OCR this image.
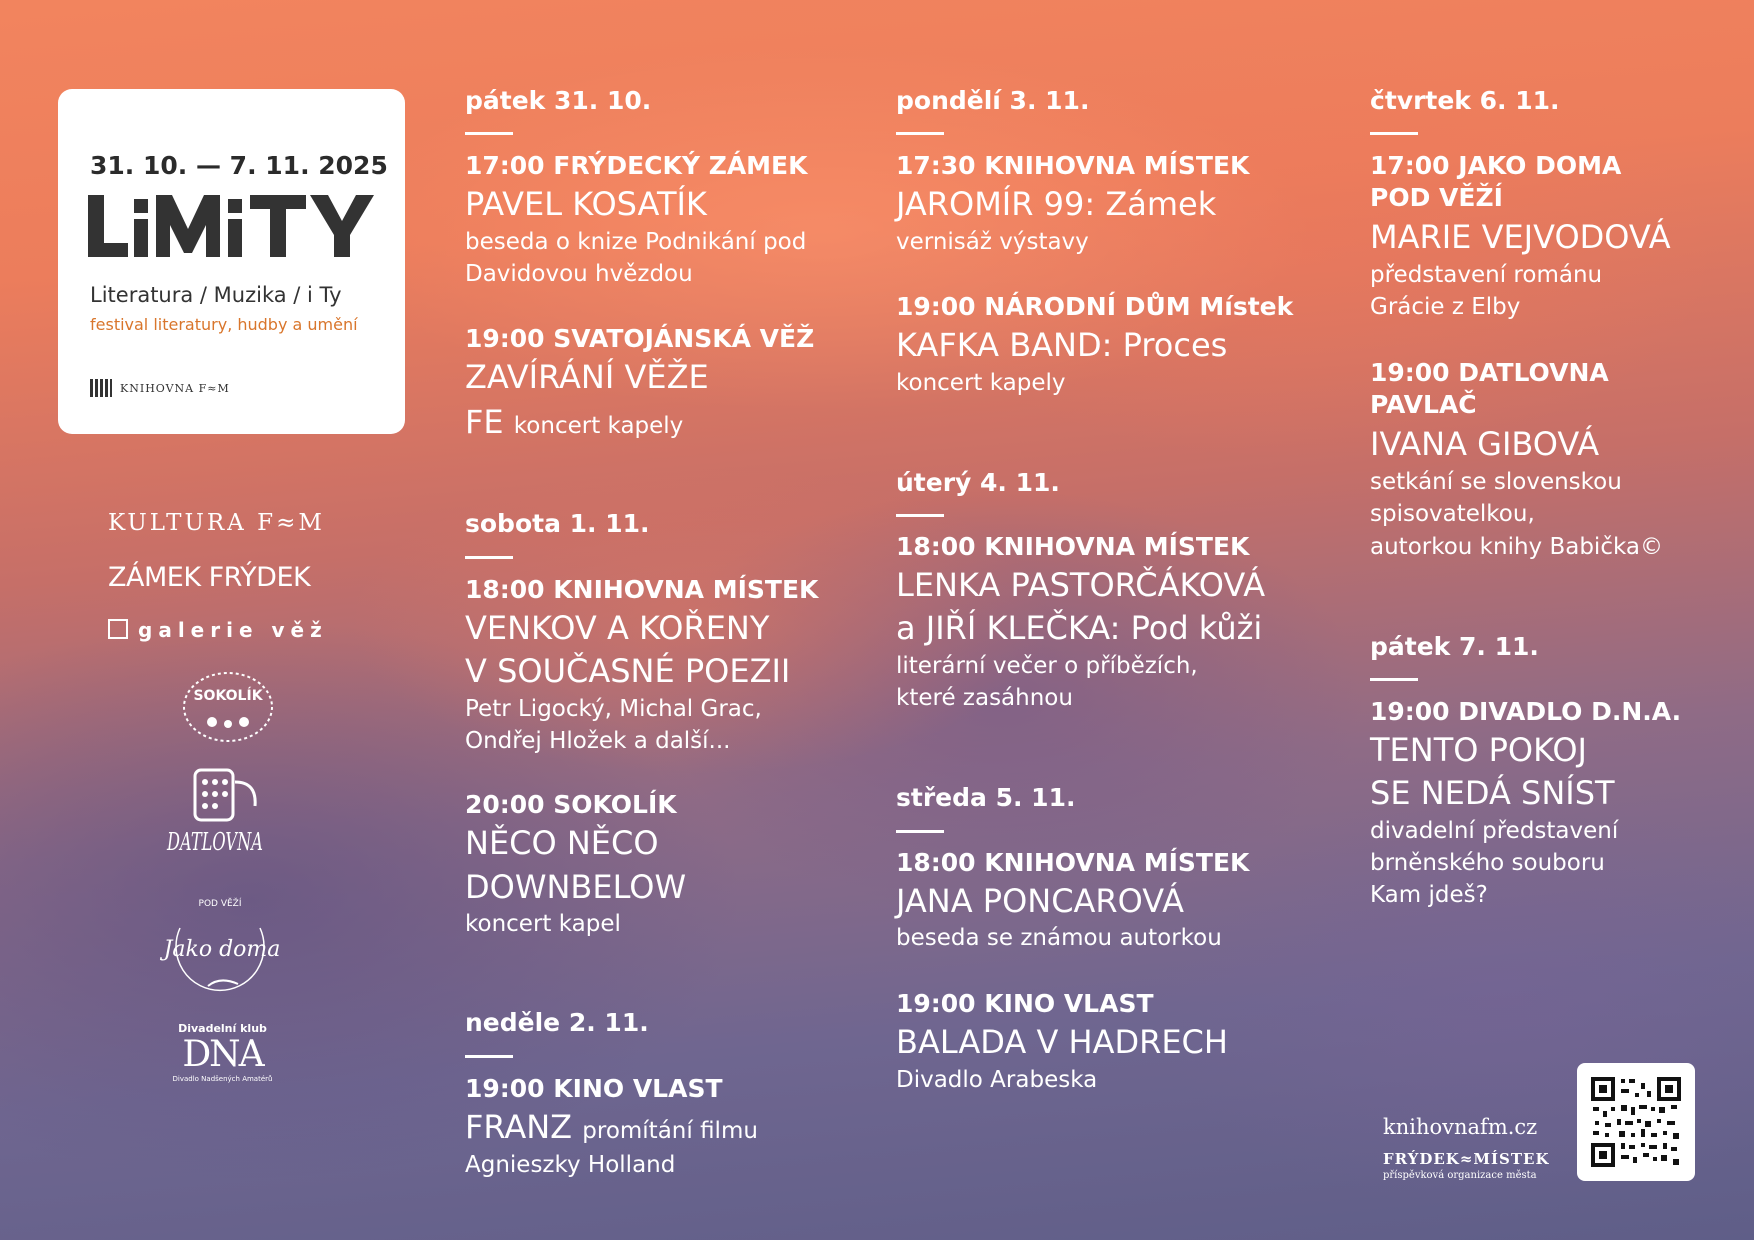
31. 10. — 7. 11. 2025
Literatura / Muzika / i Ty
festival literatury, hudby a umění
KNIHOVNA F≈M
KULTURA F≈M
ZÁMEK FRÝDEK
galerie věž
SOKOLÍK
DATLOVNA
POD VĚŽÍ
Jako doma
Divadelní klub
DNA
Divadlo Nadšených Amatérů
pátek 31. 10.
17:00 FRÝDECKÝ ZÁMEK
PAVEL KOSATÍK
beseda o knize Podnikání pod
Davidovou hvězdou
19:00 SVATOJÁNSKÁ VĚŽ
ZAVÍRÁNÍ VĚŽE
FE koncert kapely
sobota 1. 11.
18:00 KNIHOVNA MÍSTEK
VENKOV A KOŘENY
V SOUČASNÉ POEZII
Petr Ligocký, Michal Grac,
Ondřej Hložek a další...
20:00 SOKOLÍK
NĚCO NĚCO
DOWNBELOW
koncert kapel
neděle 2. 11.
19:00 KINO VLAST
FRANZ promítání filmu
Agnieszky Holland
pondělí 3. 11.
17:30 KNIHOVNA MÍSTEK
JAROMÍR 99: Zámek
vernisáž výstavy
19:00 NÁRODNÍ DŮM Místek
KAFKA BAND: Proces
koncert kapely
úterý 4. 11.
18:00 KNIHOVNA MÍSTEK
LENKA PASTORČÁKOVÁ
a JIŘÍ KLEČKA: Pod kůži
literární večer o příbězích,
které zasáhnou
středa 5. 11.
18:00 KNIHOVNA MÍSTEK
JANA PONCAROVÁ
beseda se známou autorkou
19:00 KINO VLAST
BALADA V HADRECH
Divadlo Arabeska
čtvrtek 6. 11.
17:00 JAKO DOMA
POD VĚŽÍ
MARIE VEJVODOVÁ
představení románu
Grácie z Elby
19:00 DATLOVNA
PAVLAČ
IVANA GIBOVÁ
setkání se slovenskou
spisovatelkou,
autorkou knihy Babička©
pátek 7. 11.
19:00 DIVADLO D.N.A.
TENTO POKOJ
SE NEDÁ SNÍST
divadelní představení
brněnského souboru
Kam jdeš?
knihovnafm.cz
FRÝDEK≈MÍSTEK
příspěvková organizace města
